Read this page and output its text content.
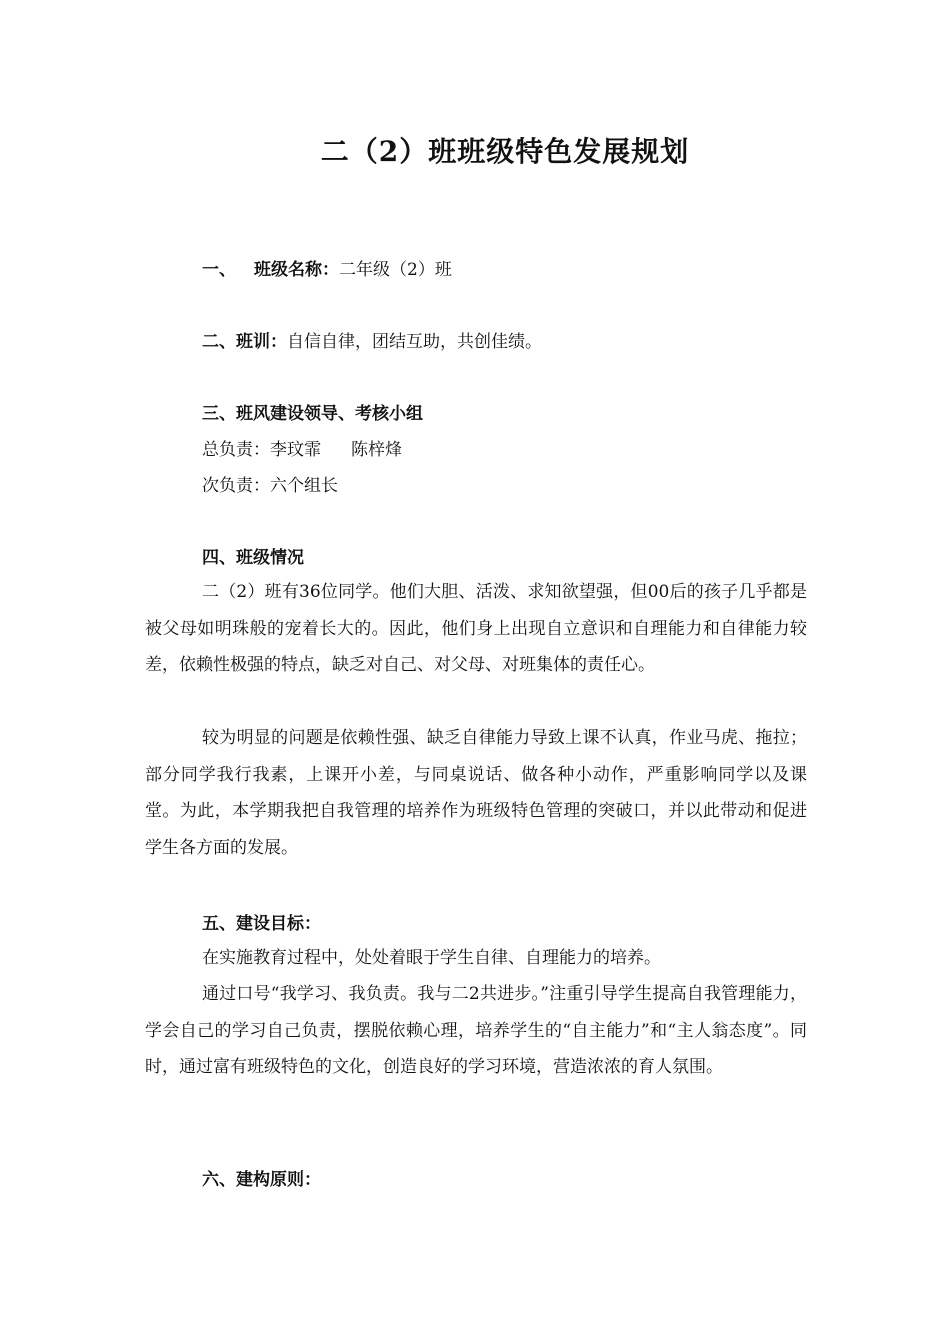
二（2）班班级特色发展规划
一、 班级名称：二年级（2）班
二、班训：自信自律，团结互助，共创佳绩。
三、班风建设领导、考核小组
总负责：李玟霏 陈梓烽
次负责：六个组长
四、班级情况

二（2）班有36位同学。他们大胆、活泼、求知欲望强，但00后的孩子几乎都是被父母如明珠般的宠着长大的。因此，他们身上出现自立意识和自理能力和自律能力较差，依赖性极强的特点，缺乏对自己、对父母、对班集体的责任心。

较为明显的问题是依赖性强、缺乏自律能力导致上课不认真，作业马虎、拖拉；部分同学我行我素，上课开小差，与同桌说话、做各种小动作，严重影响同学以及课堂。为此，本学期我把自我管理的培养作为班级特色管理的突破口，并以此带动和促进学生各方面的发展。

五、建设目标：

在实施教育过程中，处处着眼于学生自律、自理能力的培养。

通过口号“我学习、我负责。我与二2共进步。”注重引导学生提高自我管理能力，学会自己的学习自己负责，摆脱依赖心理，培养学生的“自主能力”和“主人翁态度”。同时，通过富有班级特色的文化，创造良好的学习环境，营造浓浓的育人氛围。

六、建构原则：
